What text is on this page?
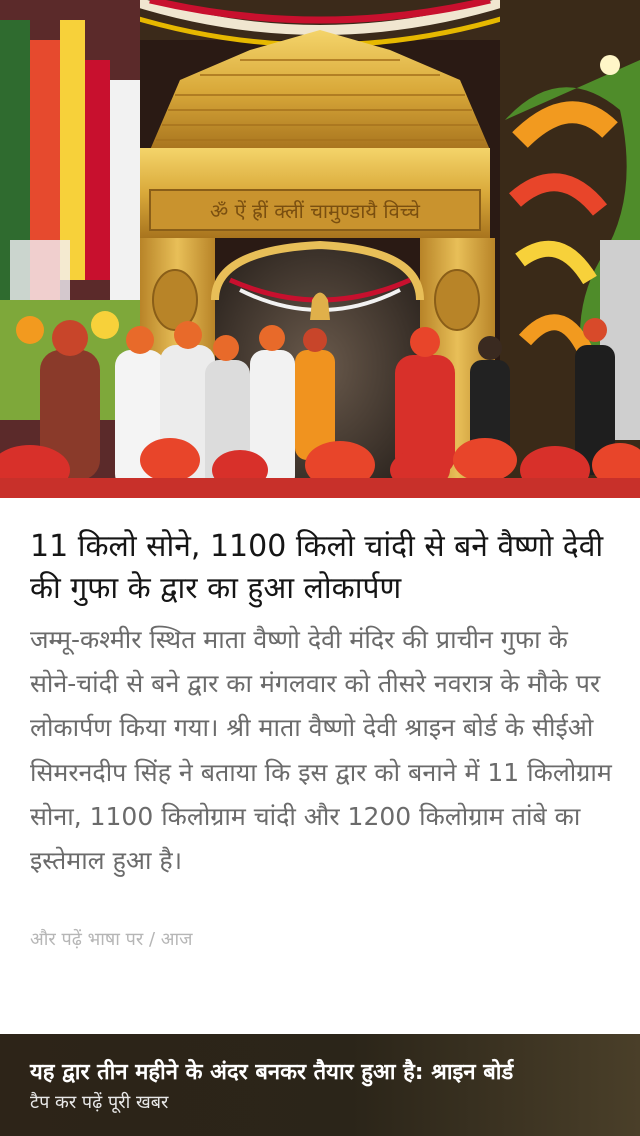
ॐ ऐं ह्रीं क्लीं चामुण्डायै विच्चे
11 किलो सोने, 1100 किलो चांदी से बने वैष्णो देवी की गुफा के द्वार का हुआ लोकार्पण

जम्मू-कश्मीर स्थित माता वैष्णो देवी मंदिर की प्राचीन गुफा के सोने-चांदी से बने द्वार का मंगलवार को तीसरे नवरात्र के मौके पर लोकार्पण किया गया। श्री माता वैष्णो देवी श्राइन बोर्ड के सीईओ सिमरनदीप सिंह ने बताया कि इस द्वार को बनाने में 11 किलोग्राम सोना, 1100 किलोग्राम चांदी और 1200 किलोग्राम तांबे का इस्तेमाल हुआ है।

और पढ़ें भाषा पर / आज
यह द्वार तीन महीने के अंदर बनकर तैयार हुआ है: श्राइन बोर्ड
टैप कर पढ़ें पूरी खबर
